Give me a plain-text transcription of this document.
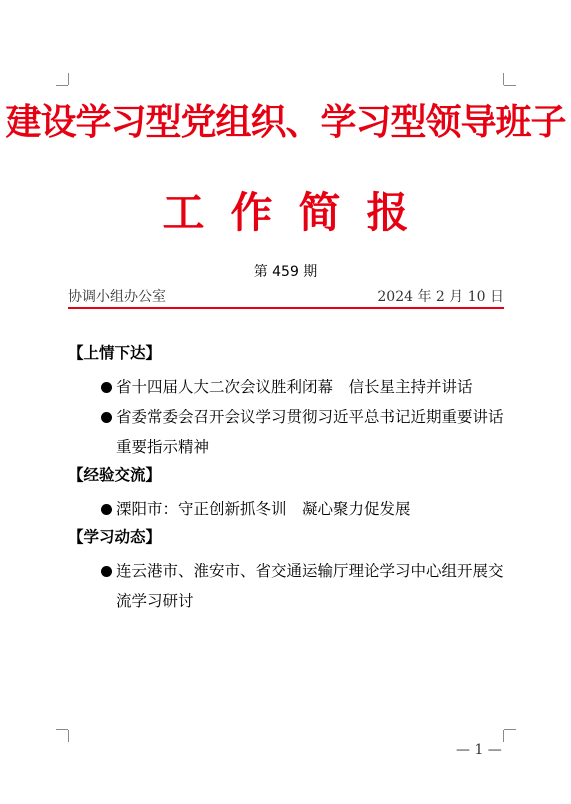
建设学习型党组织、学习型领导班子
工 作 简 报
第 459 期
协调小组办公室	2024 年 2 月 10 日
【上情下达】
省十四届人大二次会议胜利闭幕　信长星主持并讲话
省委常委会召开会议学习贯彻习近平总书记近期重要讲话重要指示精神
【经验交流】
溧阳市：守正创新抓冬训　凝心聚力促发展
【学习动态】
连云港市、淮安市、省交通运输厅理论学习中心组开展交流学习研讨
— 1 —
